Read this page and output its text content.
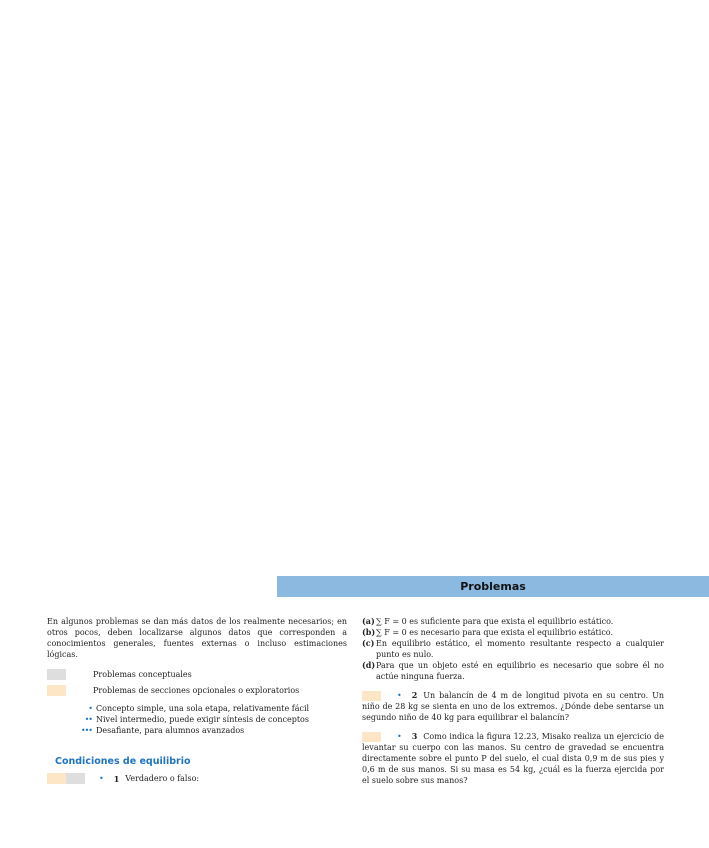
Problemas

En algunos problemas se dan más datos de los realmente necesarios; en otros pocos, deben localizarse algunos datos que corresponden a conocimientos generales, fuentes externas o incluso estimaciones lógicas.

Problemas conceptuales
Problemas de secciones opcionales o exploratorios
• Concepto simple, una sola etapa, relativamente fácil
•• Nivel intermedio, puede exigir síntesis de conceptos
••• Desafiante, para alumnos avanzados
Condiciones de equilibrio
• 1 Verdadero o falso:
(a) ∑ F = 0 es suficiente para que exista el equilibrio estático.
(b) ∑ F = 0 es necesario para que exista el equilibrio estático.
(c) En equilibrio estático, el momento resultante respecto a cualquier punto es nulo.
(d) Para que un objeto esté en equilibrio es necesario que sobre él no actúe ninguna fuerza.

• 2 Un balancín de 4 m de longitud pivota en su centro. Un niño de 28 kg se sienta en uno de los extremos. ¿Dónde debe sentarse un segundo niño de 40 kg para equilibrar el balancín?

• 3 Como indica la figura 12.23, Misako realiza un ejercicio de levantar su cuerpo con las manos. Su centro de gravedad se encuentra directamente sobre el punto P del suelo, el cual dista 0,9 m de sus pies y 0,6 m de sus manos. Si su masa es 54 kg, ¿cuál es la fuerza ejercida por el suelo sobre sus manos?
